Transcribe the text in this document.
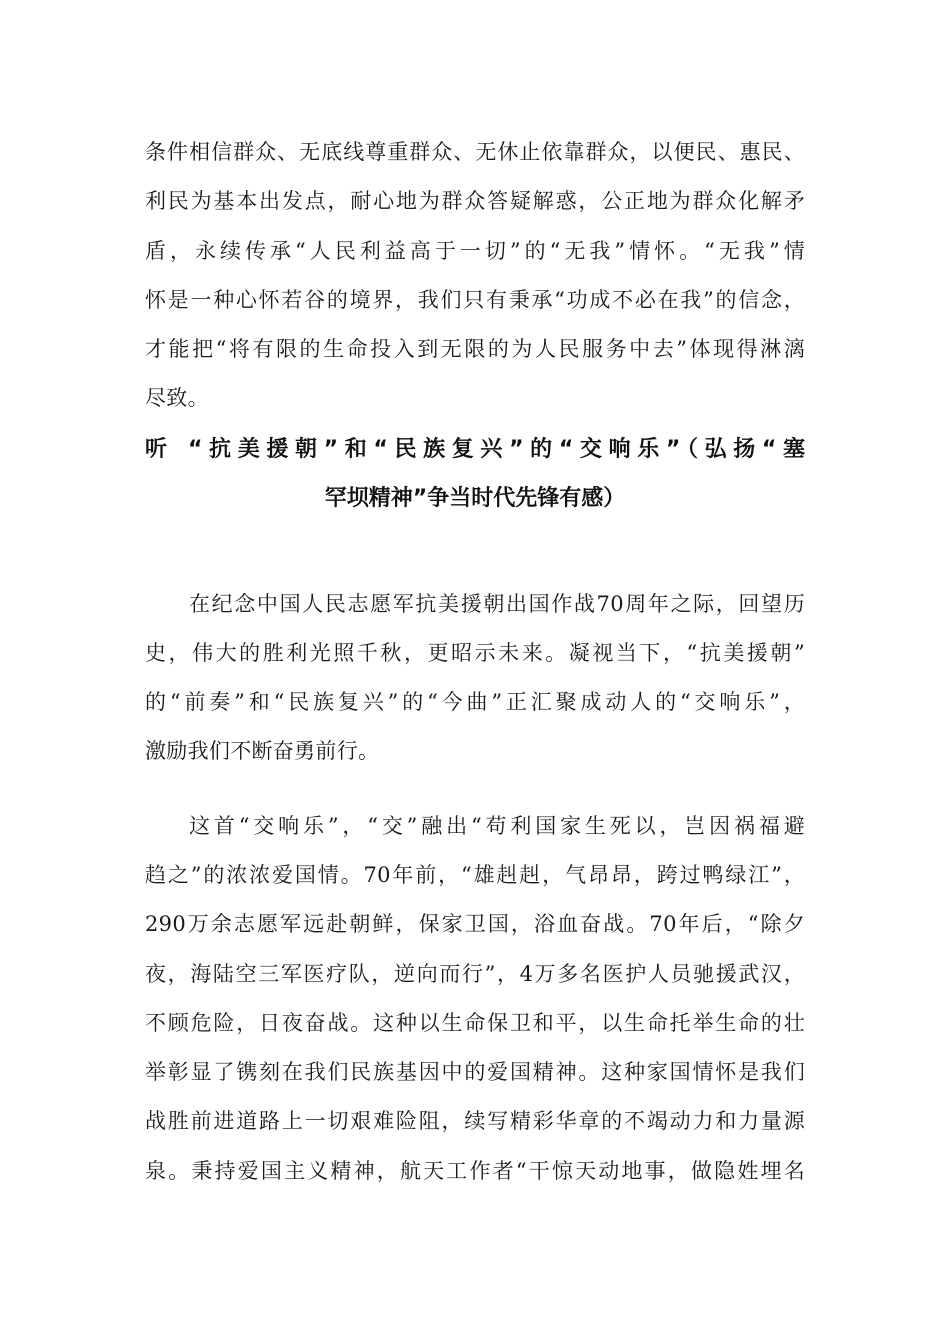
条件相信群众、无底线尊重群众、无休止依靠群众，以便民、惠民、
利民为基本出发点，耐心地为群众答疑解惑，公正地为群众化解矛
盾，永续传承“人民利益高于一切”的“无我”情怀。“无我”情
怀是一种心怀若谷的境界，我们只有秉承“功成不必在我”的信念，
才能把“将有限的生命投入到无限的为人民服务中去”体现得淋漓
尽致。
听 “抗美援朝”和“民族复兴”的“交响乐”（弘扬“塞
罕坝精神”争当时代先锋有感）
在纪念中国人民志愿军抗美援朝出国作战70周年之际，回望历
史，伟大的胜利光照千秋，更昭示未来。凝视当下，“抗美援朝”
的“前奏”和“民族复兴”的“今曲”正汇聚成动人的“交响乐”，
激励我们不断奋勇前行。
这首“交响乐”，“交”融出“苟利国家生死以，岂因祸福避
趋之”的浓浓爱国情。70年前，“雄赳赳，气昂昂，跨过鸭绿江”，
290万余志愿军远赴朝鲜，保家卫国，浴血奋战。70年后，“除夕
夜，海陆空三军医疗队，逆向而行”，4万多名医护人员驰援武汉，
不顾危险，日夜奋战。这种以生命保卫和平，以生命托举生命的壮
举彰显了镌刻在我们民族基因中的爱国精神。这种家国情怀是我们
战胜前进道路上一切艰难险阻，续写精彩华章的不竭动力和力量源
泉。秉持爱国主义精神，航天工作者“干惊天动地事，做隐姓埋名
